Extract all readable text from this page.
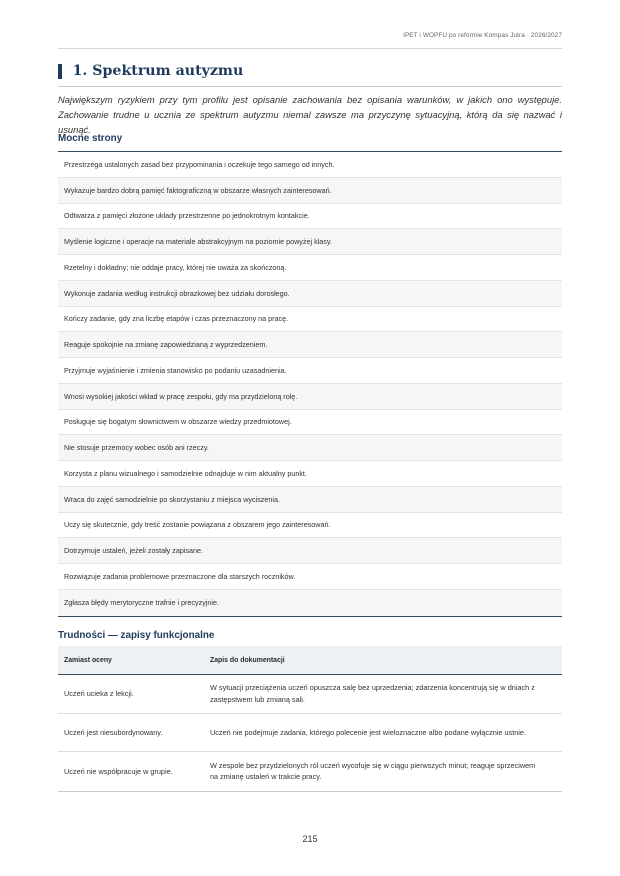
IPET i WOPFU po reformie Kompas Jutra · 2026/2027
1. Spektrum autyzmu

Największym ryzykiem przy tym profilu jest opisanie zachowania bez opisania warunków, w jakich ono występuje. Zachowanie trudne u ucznia ze spektrum autyzmu niemal zawsze ma przyczynę sytuacyjną, którą da się nazwać i usunąć.

Mocne strony
Przestrzega ustalonych zasad bez przypominania i oczekuje tego samego od innych.
Wykazuje bardzo dobrą pamięć faktograficzną w obszarze własnych zainteresowań.
Odtwarza z pamięci złożone układy przestrzenne po jednokrotnym kontakcie.
Myślenie logiczne i operacje na materiale abstrakcyjnym na poziomie powyżej klasy.
Rzetelny i dokładny; nie oddaje pracy, której nie uważa za skończoną.
Wykonuje zadania według instrukcji obrazkowej bez udziału dorosłego.
Kończy zadanie, gdy zna liczbę etapów i czas przeznaczony na pracę.
Reaguje spokojnie na zmianę zapowiedzianą z wyprzedzeniem.
Przyjmuje wyjaśnienie i zmienia stanowisko po podaniu uzasadnienia.
Wnosi wysokiej jakości wkład w pracę zespołu, gdy ma przydzieloną rolę.
Posługuje się bogatym słownictwem w obszarze wiedzy przedmiotowej.
Nie stosuje przemocy wobec osób ani rzeczy.
Korzysta z planu wizualnego i samodzielnie odnajduje w nim aktualny punkt.
Wraca do zajęć samodzielnie po skorzystaniu z miejsca wyciszenia.
Uczy się skutecznie, gdy treść zostanie powiązana z obszarem jego zainteresowań.
Dotrzymuje ustaleń, jeżeli zostały zapisane.
Rozwiązuje zadania problemowe przeznaczone dla starszych roczników.
Zgłasza błędy merytoryczne trafnie i precyzyjnie.
Trudności — zapisy funkcjonalne
Zamiast oceny	Zapis do dokumentacji
Uczeń ucieka z lekcji.
W sytuacji przeciążenia uczeń opuszcza salę bez uprzedzenia; zdarzenia koncentrują się w dniach z zastępstwem lub zmianą sali.
Uczeń jest niesubordynowany.	Uczeń nie podejmuje zadania, którego polecenie jest wieloznaczne albo podane wyłącznie ustnie.
Uczeń nie współpracuje w grupie.
W zespole bez przydzielonych ról uczeń wycofuje się w ciągu pierwszych minut; reaguje sprzeciwem na zmianę ustaleń w trakcie pracy.
215
